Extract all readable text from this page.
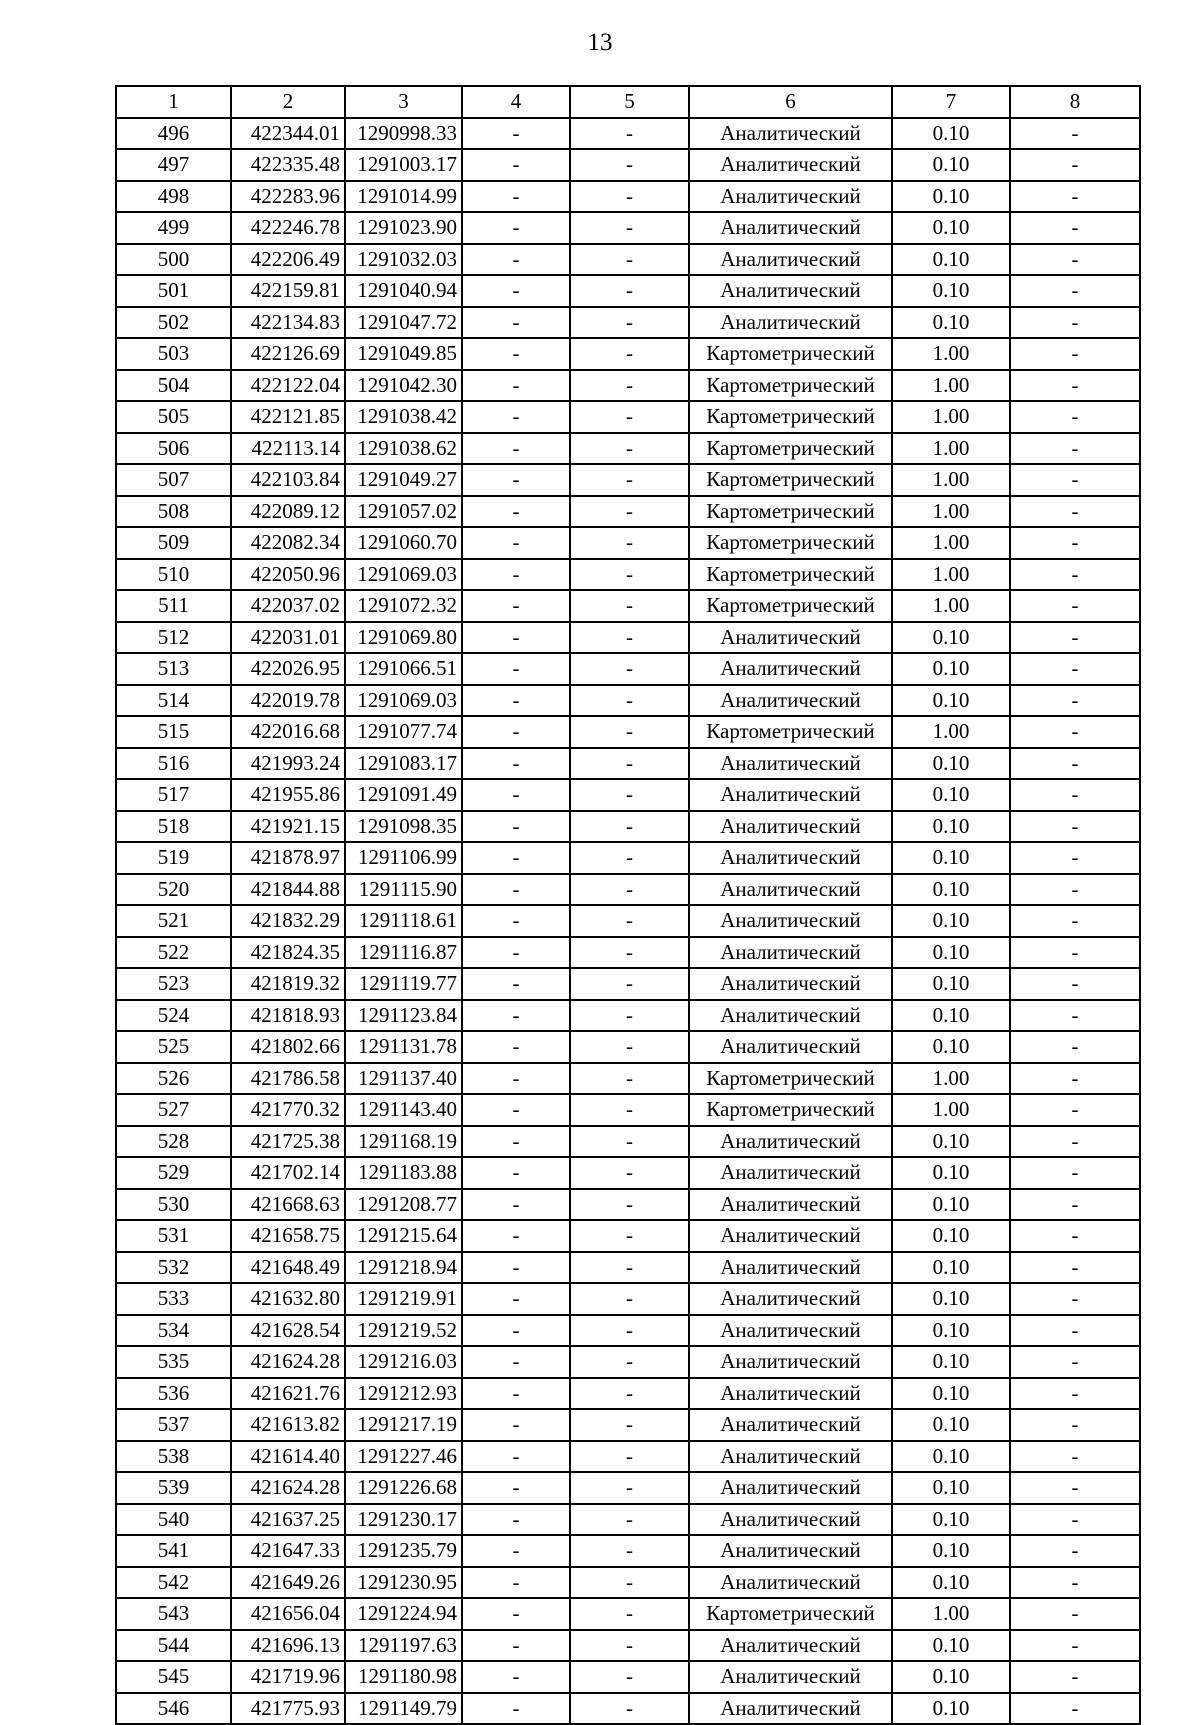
13
1	2	3	4	5	6	7	8
496	422344.01	1290998.33	-	-	Аналитический	0.10	-
497	422335.48	1291003.17	-	-	Аналитический	0.10	-
498	422283.96	1291014.99	-	-	Аналитический	0.10	-
499	422246.78	1291023.90	-	-	Аналитический	0.10	-
500	422206.49	1291032.03	-	-	Аналитический	0.10	-
501	422159.81	1291040.94	-	-	Аналитический	0.10	-
502	422134.83	1291047.72	-	-	Аналитический	0.10	-
503	422126.69	1291049.85	-	-	Картометрический	1.00	-
504	422122.04	1291042.30	-	-	Картометрический	1.00	-
505	422121.85	1291038.42	-	-	Картометрический	1.00	-
506	422113.14	1291038.62	-	-	Картометрический	1.00	-
507	422103.84	1291049.27	-	-	Картометрический	1.00	-
508	422089.12	1291057.02	-	-	Картометрический	1.00	-
509	422082.34	1291060.70	-	-	Картометрический	1.00	-
510	422050.96	1291069.03	-	-	Картометрический	1.00	-
511	422037.02	1291072.32	-	-	Картометрический	1.00	-
512	422031.01	1291069.80	-	-	Аналитический	0.10	-
513	422026.95	1291066.51	-	-	Аналитический	0.10	-
514	422019.78	1291069.03	-	-	Аналитический	0.10	-
515	422016.68	1291077.74	-	-	Картометрический	1.00	-
516	421993.24	1291083.17	-	-	Аналитический	0.10	-
517	421955.86	1291091.49	-	-	Аналитический	0.10	-
518	421921.15	1291098.35	-	-	Аналитический	0.10	-
519	421878.97	1291106.99	-	-	Аналитический	0.10	-
520	421844.88	1291115.90	-	-	Аналитический	0.10	-
521	421832.29	1291118.61	-	-	Аналитический	0.10	-
522	421824.35	1291116.87	-	-	Аналитический	0.10	-
523	421819.32	1291119.77	-	-	Аналитический	0.10	-
524	421818.93	1291123.84	-	-	Аналитический	0.10	-
525	421802.66	1291131.78	-	-	Аналитический	0.10	-
526	421786.58	1291137.40	-	-	Картометрический	1.00	-
527	421770.32	1291143.40	-	-	Картометрический	1.00	-
528	421725.38	1291168.19	-	-	Аналитический	0.10	-
529	421702.14	1291183.88	-	-	Аналитический	0.10	-
530	421668.63	1291208.77	-	-	Аналитический	0.10	-
531	421658.75	1291215.64	-	-	Аналитический	0.10	-
532	421648.49	1291218.94	-	-	Аналитический	0.10	-
533	421632.80	1291219.91	-	-	Аналитический	0.10	-
534	421628.54	1291219.52	-	-	Аналитический	0.10	-
535	421624.28	1291216.03	-	-	Аналитический	0.10	-
536	421621.76	1291212.93	-	-	Аналитический	0.10	-
537	421613.82	1291217.19	-	-	Аналитический	0.10	-
538	421614.40	1291227.46	-	-	Аналитический	0.10	-
539	421624.28	1291226.68	-	-	Аналитический	0.10	-
540	421637.25	1291230.17	-	-	Аналитический	0.10	-
541	421647.33	1291235.79	-	-	Аналитический	0.10	-
542	421649.26	1291230.95	-	-	Аналитический	0.10	-
543	421656.04	1291224.94	-	-	Картометрический	1.00	-
544	421696.13	1291197.63	-	-	Аналитический	0.10	-
545	421719.96	1291180.98	-	-	Аналитический	0.10	-
546	421775.93	1291149.79	-	-	Аналитический	0.10	-
